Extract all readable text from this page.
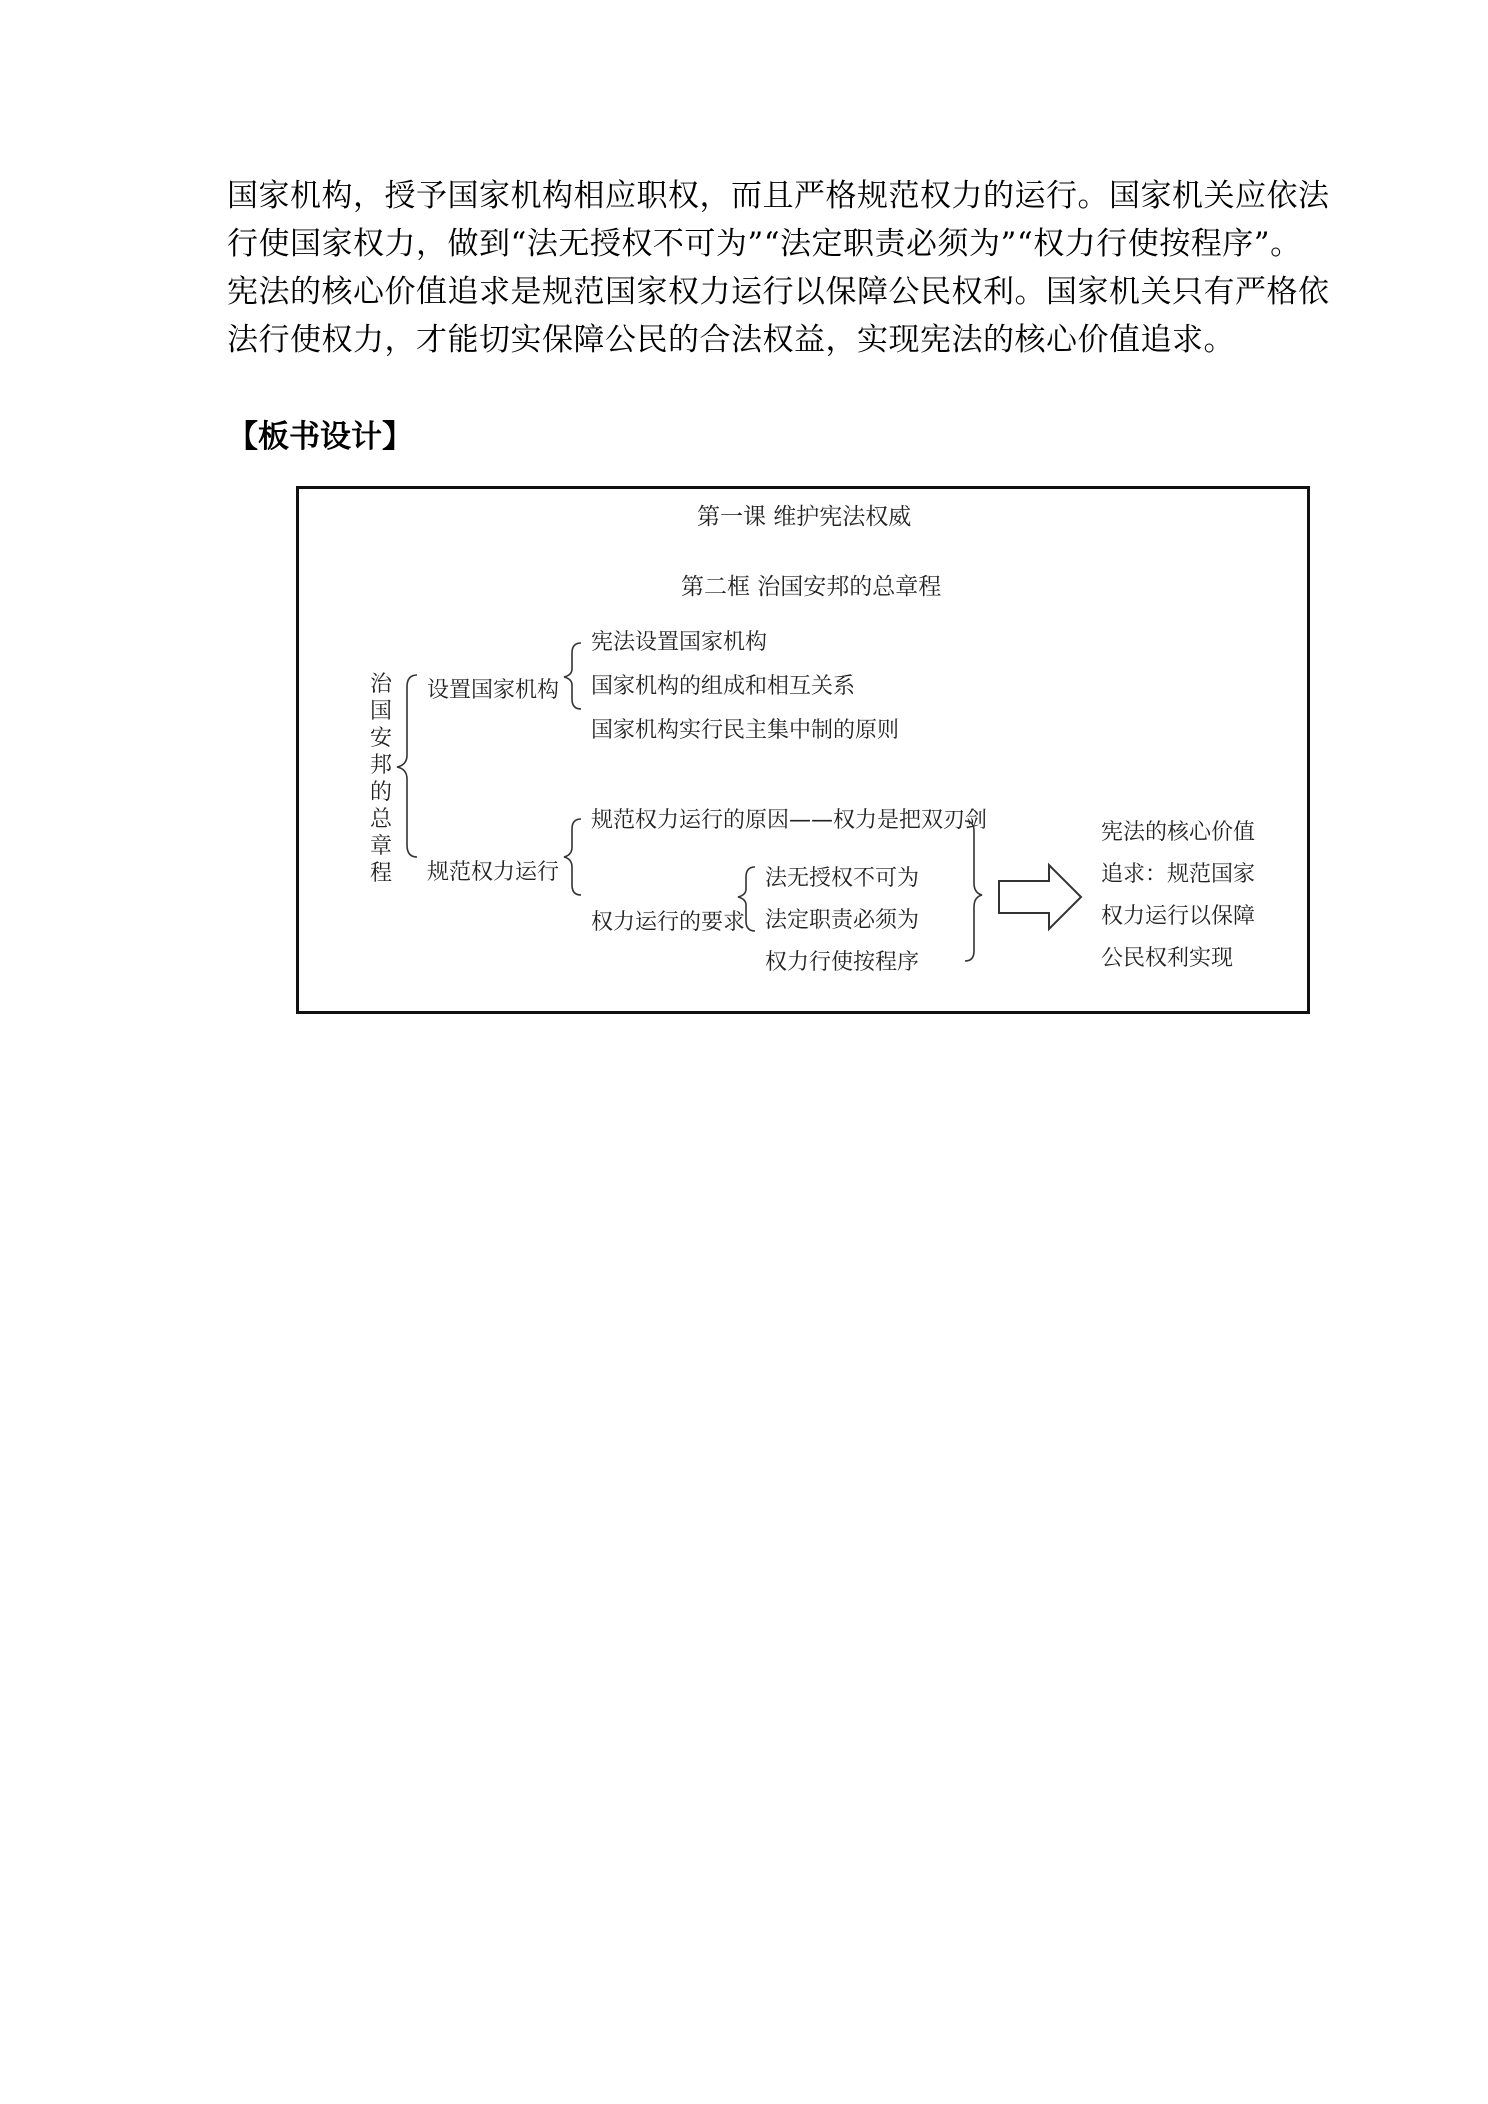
国家机构，授予国家机构相应职权，而且严格规范权力的运行。国家机关应依法
行使国家权力，做到“法无授权不可为”“法定职责必须为”“权力行使按程序”。
宪法的核心价值追求是规范国家权力运行以保障公民权利。国家机关只有严格依
法行使权力，才能切实保障公民的合法权益，实现宪法的核心价值追求。
【板书设计】
第一课 维护宪法权威
第二框 治国安邦的总章程
治国安邦的总章程
设置国家机构
宪法设置国家机构
国家机构的组成和相互关系
国家机构实行民主集中制的原则
规范权力运行
规范权力运行的原因——权力是把双刃剑
权力运行的要求
法无授权不可为
法定职责必须为
权力行使按程序
宪法的核心价值
追求：规范国家
权力运行以保障
公民权利实现
